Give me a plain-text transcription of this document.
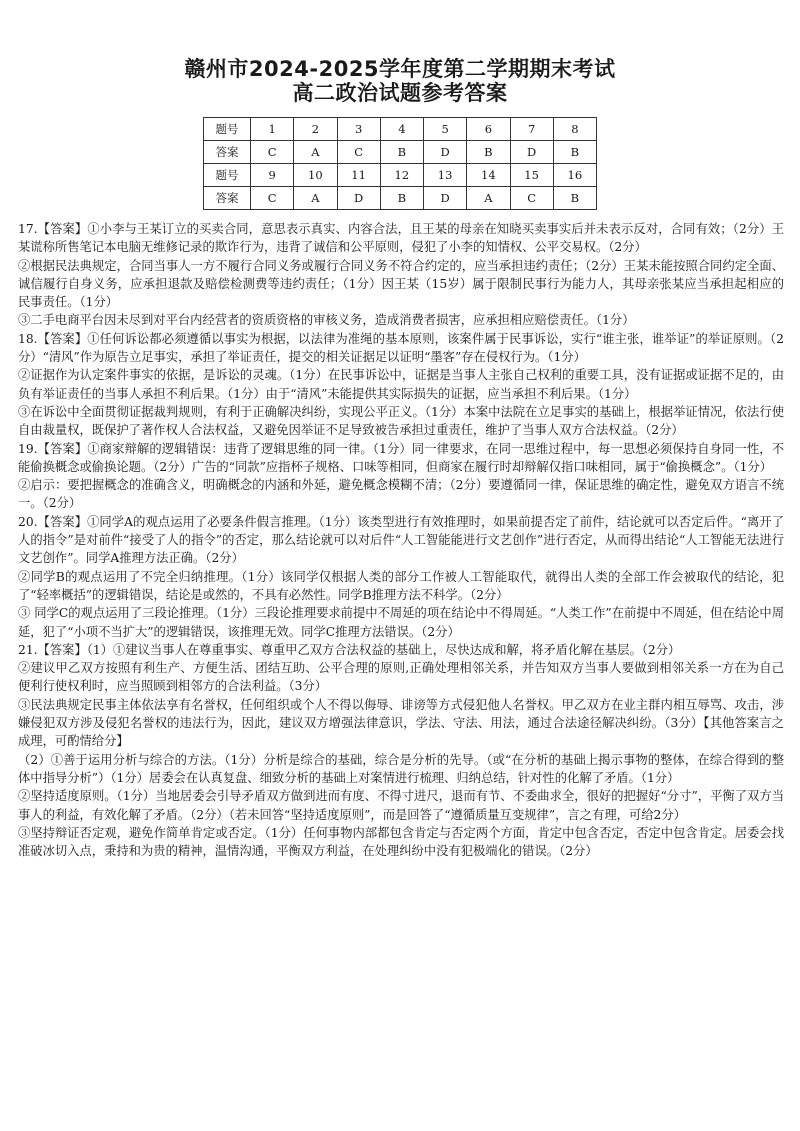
赣州市2024-2025学年度第二学期期末考试
高二政治试题参考答案
题号	1	2	3	4	5	6	7	8
答案	C	A	C	B	D	B	D	B
题号	9	10	11	12	13	14	15	16
答案	C	A	D	B	D	A	C	B

17.【答案】①小李与王某订立的买卖合同，意思表示真实、内容合法，且王某的母亲在知晓买卖事实后并未表示反对，合同有效；（2分）王某谎称所售笔记本电脑无维修记录的欺诈行为，违背了诚信和公平原则，侵犯了小李的知情权、公平交易权。（2分）

②根据民法典规定，合同当事人一方不履行合同义务或履行合同义务不符合约定的，应当承担违约责任；（2分）王某未能按照合同约定全面、诚信履行自身义务，应承担退款及赔偿检测费等违约责任；（1分）因王某（15岁）属于限制民事行为能力人，其母亲张某应当承担起相应的民事责任。（1分）

③二手电商平台因未尽到对平台内经营者的资质资格的审核义务，造成消费者损害，应承担相应赔偿责任。（1分）

18.【答案】①任何诉讼都必须遵循以事实为根据，以法律为准绳的基本原则，该案件属于民事诉讼，实行“谁主张，谁举证”的举证原则。（2分）“清风”作为原告立足事实，承担了举证责任，提交的相关证据足以证明“墨客”存在侵权行为。（1分）

②证据作为认定案件事实的依据，是诉讼的灵魂。（1分）在民事诉讼中，证据是当事人主张自己权利的重要工具，没有证据或证据不足的，由负有举证责任的当事人承担不利后果。（1分）由于“清风”未能提供其实际损失的证据，应当承担不利后果。（1分）

③在诉讼中全面贯彻证据裁判规则，有利于正确解决纠纷，实现公平正义。（1分）本案中法院在立足事实的基础上，根据举证情况，依法行使自由裁量权，既保护了著作权人合法权益，又避免因举证不足导致被告承担过重责任，维护了当事人双方合法权益。（2分）

19.【答案】①商家辩解的逻辑错误：违背了逻辑思维的同一律。（1分）同一律要求，在同一思维过程中，每一思想必须保持自身同一性，不能偷换概念或偷换论题。（2分）广告的“同款”应指杯子规格、口味等相同，但商家在履行时却辩解仅指口味相同，属于“偷换概念”。（1分）

②启示：要把握概念的准确含义，明确概念的内涵和外延，避免概念模糊不清；（2分）要遵循同一律，保证思维的确定性，避免双方语言不统一。（2分）

20.【答案】①同学A的观点运用了必要条件假言推理。（1分）该类型进行有效推理时，如果前提否定了前件，结论就可以否定后件。“离开了人的指令”是对前件“接受了人的指令”的否定，那么结论就可以对后件“人工智能能进行文艺创作”进行否定，从而得出结论“人工智能无法进行文艺创作”。同学A推理方法正确。（2分）

②同学B的观点运用了不完全归纳推理。（1分）该同学仅根据人类的部分工作被人工智能取代，就得出人类的全部工作会被取代的结论，犯了“轻率概括”的逻辑错误，结论是或然的，不具有必然性。同学B推理方法不科学。（2分）

③ 同学C的观点运用了三段论推理。（1分）三段论推理要求前提中不周延的项在结论中不得周延。“人类工作”在前提中不周延，但在结论中周延，犯了“小项不当扩大”的逻辑错误，该推理无效。同学C推理方法错误。（2分）

21.【答案】（1）①建议当事人在尊重事实、尊重甲乙双方合法权益的基础上，尽快达成和解，将矛盾化解在基层。（2分）

②建议甲乙双方按照有利生产、方便生活、团结互助、公平合理的原则,正确处理相邻关系，并告知双方当事人要做到相邻关系一方在为自己便利行使权利时，应当照顾到相邻方的合法利益。（3分）

③民法典规定民事主体依法享有名誉权，任何组织或个人不得以侮辱、诽谤等方式侵犯他人名誉权。甲乙双方在业主群内相互辱骂、攻击，涉嫌侵犯双方涉及侵犯名誉权的违法行为，因此，建议双方增强法律意识，学法、守法、用法，通过合法途径解决纠纷。（3分）【其他答案言之成理，可酌情给分】

（2）①善于运用分析与综合的方法。（1分）分析是综合的基础，综合是分析的先导。（或“在分析的基础上揭示事物的整体，在综合得到的整体中指导分析”）（1分）居委会在认真复盘、细致分析的基础上对案情进行梳理、归纳总结，针对性的化解了矛盾。（1分）

②坚持适度原则。（1分）当地居委会引导矛盾双方做到进而有度、不得寸进尺，退而有节、不委曲求全，很好的把握好“分寸”，平衡了双方当事人的利益，有效化解了矛盾。（2分）（若未回答“坚持适度原则”，而是回答了“遵循质量互变规律”，言之有理，可给2分）

③坚持辩证否定观，避免作简单肯定或否定。（1分）任何事物内部都包含肯定与否定两个方面，肯定中包含否定，否定中包含肯定。居委会找准破冰切入点，秉持和为贵的精神，温情沟通，平衡双方利益，在处理纠纷中没有犯极端化的错误。（2分）
